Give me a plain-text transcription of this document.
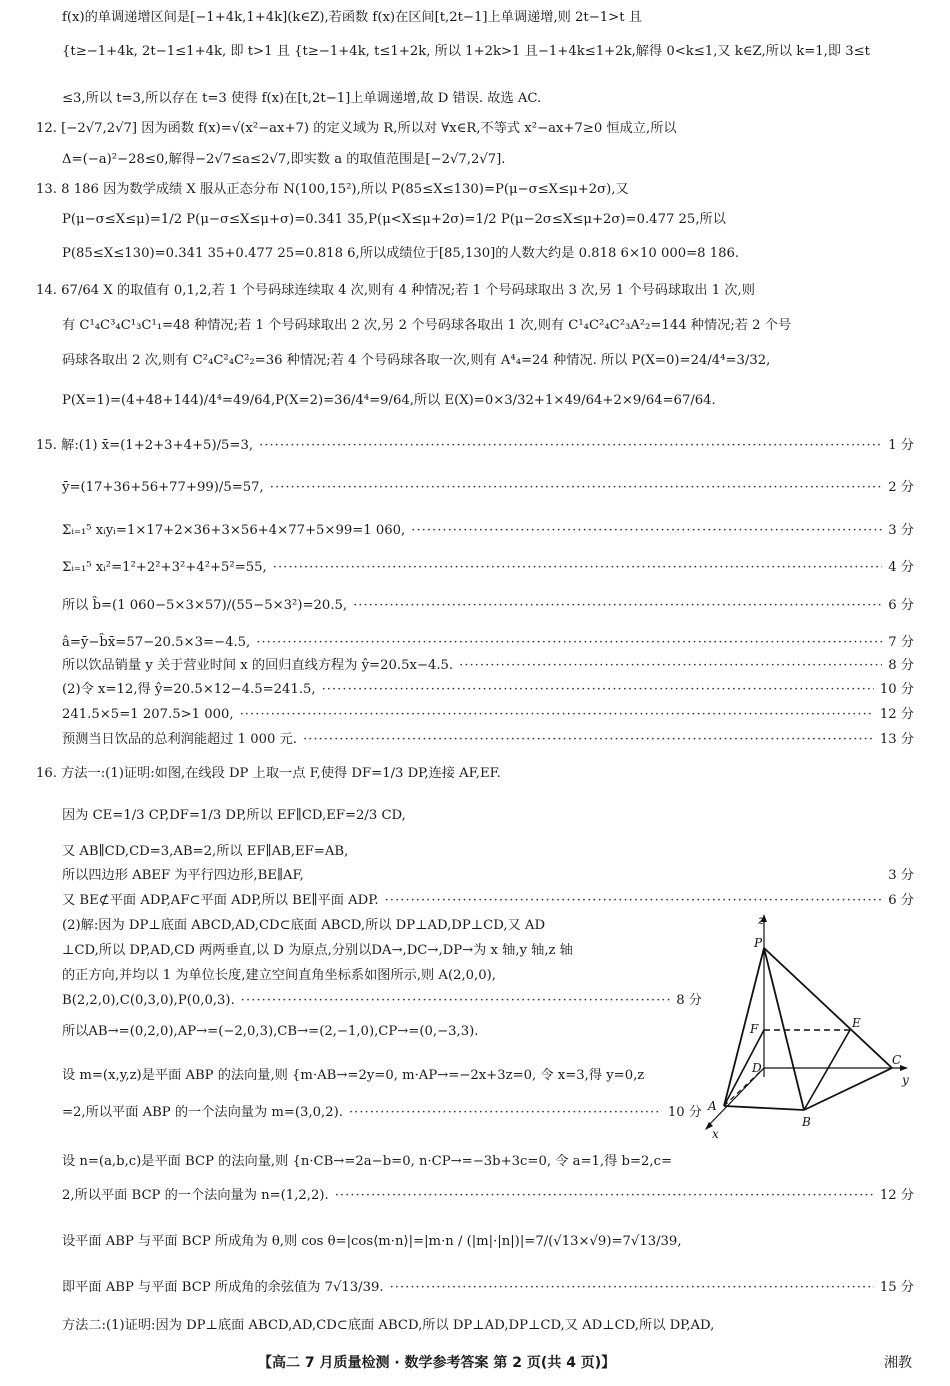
f(x)的单调递增区间是[−1+4k,1+4k](k∈Z),若函数 f(x)在区间[t,2t−1]上单调递增,则 2t−1>t 且
{t≥−1+4k, 2t−1≤1+4k, 即 t>1 且 {t≥−1+4k, t≤1+2k, 所以 1+2k>1 且−1+4k≤1+2k,解得 0<k≤1,又 k∈Z,所以 k=1,即 3≤t
≤3,所以 t=3,所以存在 t=3 使得 f(x)在[t,2t−1]上单调递增,故 D 错误. 故选 AC.
12. [−2√7,2√7] 因为函数 f(x)=√(x²−ax+7) 的定义域为 R,所以对 ∀x∈R,不等式 x²−ax+7≥0 恒成立,所以
Δ=(−a)²−28≤0,解得−2√7≤a≤2√7,即实数 a 的取值范围是[−2√7,2√7].
13. 8 186 因为数学成绩 X 服从正态分布 N(100,15²),所以 P(85≤X≤130)=P(μ−σ≤X≤μ+2σ),又
P(μ−σ≤X≤μ)=1/2 P(μ−σ≤X≤μ+σ)=0.341 35,P(μ<X≤μ+2σ)=1/2 P(μ−2σ≤X≤μ+2σ)=0.477 25,所以
P(85≤X≤130)=0.341 35+0.477 25=0.818 6,所以成绩位于[85,130]的人数大约是 0.818 6×10 000=8 186.
14. 67/64 X 的取值有 0,1,2,若 1 个号码球连续取 4 次,则有 4 种情况;若 1 个号码球取出 3 次,另 1 个号码球取出 1 次,则
有 C¹₄C³₄C¹₃C¹₁=48 种情况;若 1 个号码球取出 2 次,另 2 个号码球各取出 1 次,则有 C¹₄C²₄C²₃A²₂=144 种情况;若 2 个号
码球各取出 2 次,则有 C²₄C²₄C²₂=36 种情况;若 4 个号码球各取一次,则有 A⁴₄=24 种情况. 所以 P(X=0)=24/4⁴=3/32,
P(X=1)=(4+48+144)/4⁴=49/64,P(X=2)=36/4⁴=9/64,所以 E(X)=0×3/32+1×49/64+2×9/64=67/64.
15. 解:(1) x̄=(1+2+3+4+5)/5=3, ·····	1 分
ȳ=(17+36+56+77+99)/5=57, ·····	2 分
Σᵢ₌₁⁵ xᵢyᵢ=1×17+2×36+3×56+4×77+5×99=1 060, ·····	3 分
Σᵢ₌₁⁵ xᵢ²=1²+2²+3²+4²+5²=55, ·····	4 分
所以 b̂=(1 060−5×3×57)/(55−5×3²)=20.5, ·····	6 分
â=ȳ−b̂x̄=57−20.5×3=−4.5, ·····	7 分
所以饮品销量 y 关于营业时间 x 的回归直线方程为 ŷ=20.5x−4.5. ·····	8 分
(2)令 x=12,得 ŷ=20.5×12−4.5=241.5, ·····	10 分
241.5×5=1 207.5>1 000, ·····	12 分
预测当日饮品的总利润能超过 1 000 元. ·····	13 分
16. 方法一:(1)证明:如图,在线段 DP 上取一点 F,使得 DF=1/3 DP,连接 AF,EF.
因为 CE=1/3 CP,DF=1/3 DP,所以 EF∥CD,EF=2/3 CD,
又 AB∥CD,CD=3,AB=2,所以 EF∥AB,EF=AB,
所以四边形 ABEF 为平行四边形,BE∥AF,	3 分
又 BE⊄平面 ADP,AF⊂平面 ADP,所以 BE∥平面 ADP. ·····	6 分
(2)解:因为 DP⊥底面 ABCD,AD,CD⊂底面 ABCD,所以 DP⊥AD,DP⊥CD,又 AD
⊥CD,所以 DP,AD,CD 两两垂直,以 D 为原点,分别以DA→,DC→,DP→为 x 轴,y 轴,z 轴
的正方向,并均以 1 为单位长度,建立空间直角坐标系如图所示,则 A(2,0,0),
B(2,2,0),C(0,3,0),P(0,0,3). ·····	8 分
所以AB→=(0,2,0),AP→=(−2,0,3),CB→=(2,−1,0),CP→=(0,−3,3).
设 m=(x,y,z)是平面 ABP 的法向量,则 {m·AB→=2y=0, m·AP→=−2x+3z=0, 令 x=3,得 y=0,z
=2,所以平面 ABP 的一个法向量为 m=(3,0,2). ·····	10 分
设 n=(a,b,c)是平面 BCP 的法向量,则 {n·CB→=2a−b=0, n·CP→=−3b+3c=0, 令 a=1,得 b=2,c=
2,所以平面 BCP 的一个法向量为 n=(1,2,2). ·····	12 分
设平面 ABP 与平面 BCP 所成角为 θ,则 cos θ=|cos⟨m·n⟩|=|m·n / (|m|·|n|)|=7/(√13×√9)=7√13/39,
即平面 ABP 与平面 BCP 所成角的余弦值为 7√13/39. ·····	15 分
方法二:(1)证明:因为 DP⊥底面 ABCD,AD,CD⊂底面 ABCD,所以 DP⊥AD,DP⊥CD,又 AD⊥CD,所以 DP,AD,
z
P
F	E
D
C
y
A
B
x
【高二 7 月质量检测 · 数学参考答案 第 2 页(共 4 页)】	湘教
